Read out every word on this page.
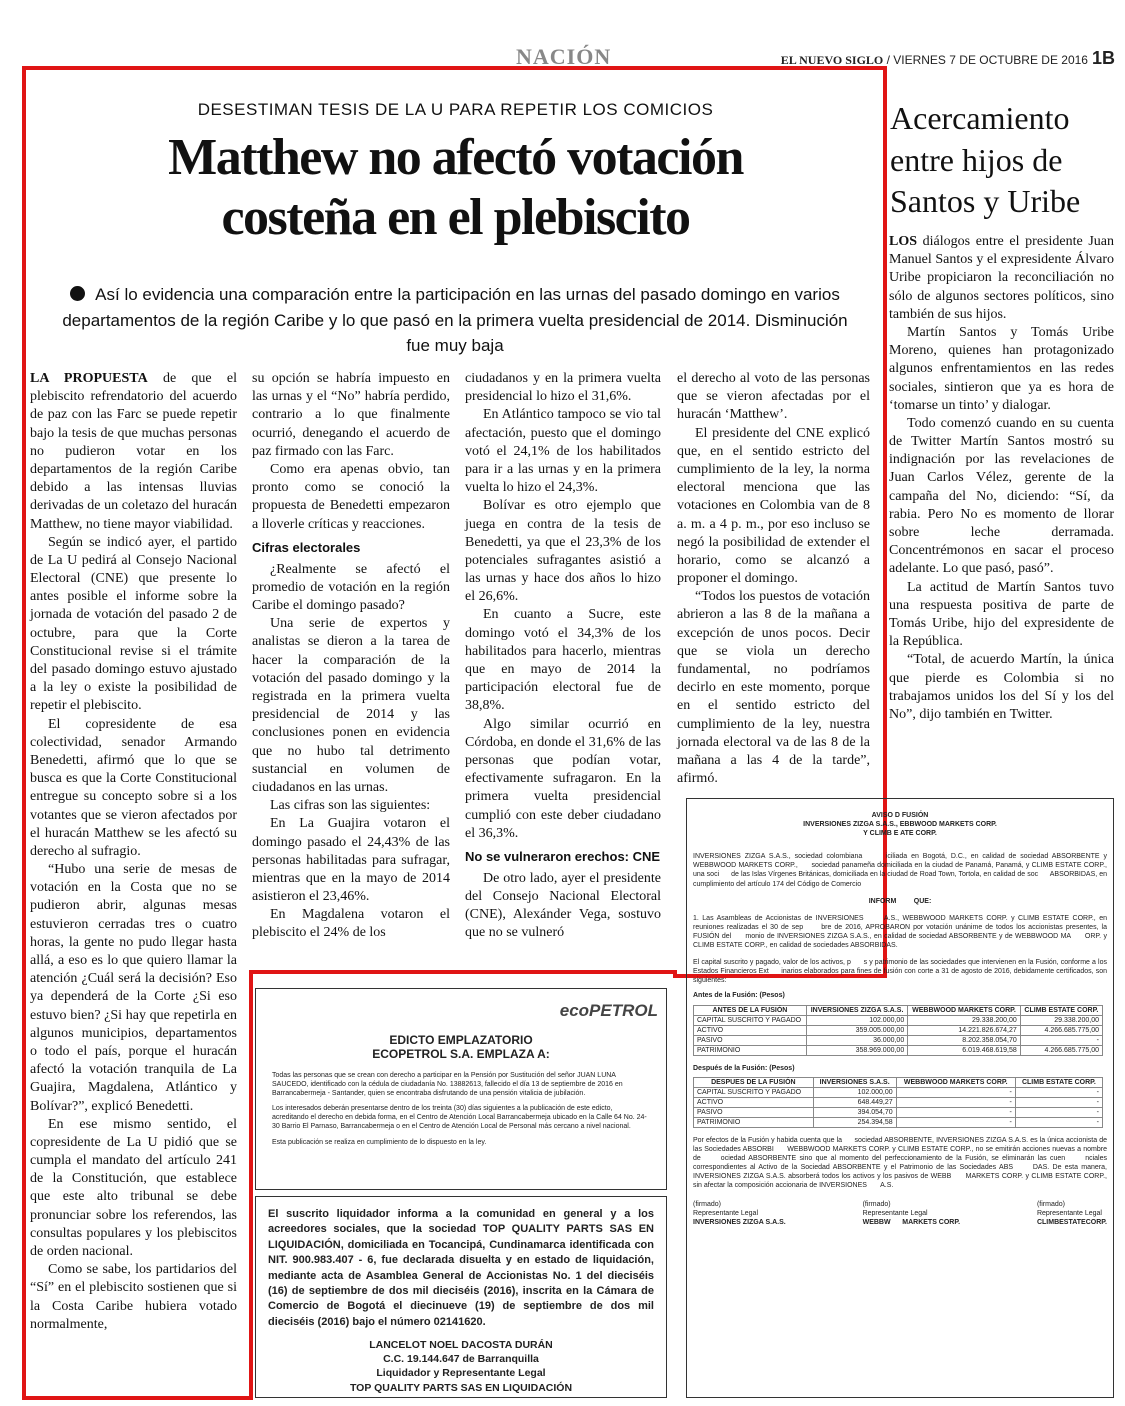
NACIÓN	EL NUEVO SIGLO / VIERNES 7 DE OCTUBRE DE 2016 1B
DESESTIMAN TESIS DE LA U PARA REPETIR LOS COMICIOS
Matthew no afectó votación
costeña en el plebiscito
Así lo evidencia una comparación entre la participación en las urnas del pasado domingo en varios departamentos de la región Caribe y lo que pasó en la primera vuelta presidencial de 2014. Disminución fue muy baja

LA PROPUESTA de que el plebiscito refrendatorio del acuerdo de paz con las Farc se puede repetir bajo la tesis de que muchas personas no pudieron votar en los departamentos de la región Caribe debido a las intensas lluvias derivadas de un coletazo del huracán Matthew, no tiene mayor viabilidad.

Según se indicó ayer, el partido de La U pedirá al Consejo Nacional Electoral (CNE) que presente lo antes posible el informe sobre la jornada de votación del pasado 2 de octubre, para que la Corte Constitucional revise si el trámite del pasado domingo estuvo ajustado a la ley o existe la posibilidad de repetir el plebiscito.

El copresidente de esa colectividad, senador Armando Benedetti, afirmó que lo que se busca es que la Corte Constitucional entregue su concepto sobre si a los votantes que se vieron afectados por el huracán Matthew se les afectó su derecho al sufragio.

“Hubo una serie de mesas de votación en la Costa que no se pudieron abrir, algunas mesas estuvieron cerradas tres o cuatro horas, la gente no pudo llegar hasta allá, a eso es lo que quiero llamar la atención ¿Cuál será la decisión? Eso ya dependerá de la Corte ¿Si eso estuvo bien? ¿Si hay que repetirla en algunos municipios, departamentos o todo el país, porque el huracán afectó la votación tranquila de La Guajira, Magdalena, Atlántico y Bolívar?”, explicó Benedetti.

En ese mismo sentido, el copresidente de La U pidió que se cumpla el mandato del artículo 241 de la Constitución, que establece que este alto tribunal se debe pronunciar sobre los referendos, las consultas populares y los plebiscitos de orden nacional.

Como se sabe, los partidarios del “Sí” en el plebiscito sostienen que si la Costa Caribe hubiera votado normalmente,

su opción se habría impuesto en las urnas y el “No” habría perdido, contrario a lo que finalmente ocurrió, denegando el acuerdo de paz firmado con las Farc.

Como era apenas obvio, tan pronto como se conoció la propuesta de Benedetti empezaron a lloverle críticas y reacciones.

Cifras electorales

¿Realmente se afectó el promedio de votación en la región Caribe el domingo pasado?

Una serie de expertos y analistas se dieron a la tarea de hacer la comparación de la votación del pasado domingo y la registrada en la primera vuelta presidencial de 2014 y las conclusiones ponen en evidencia que no hubo tal detrimento sustancial en volumen de ciudadanos en las urnas.

Las cifras son las siguientes:

En La Guajira votaron el domingo pasado el 24,43% de las personas habilitadas para sufragar, mientras que en la mayo de 2014 asistieron el 23,46%.

En Magdalena votaron el plebiscito el 24% de los

ciudadanos y en la primera vuelta presidencial lo hizo el 31,6%.

En Atlántico tampoco se vio tal afectación, puesto que el domingo votó el 24,1% de los habilitados para ir a las urnas y en la primera vuelta lo hizo el 24,3%.

Bolívar es otro ejemplo que juega en contra de la tesis de Benedetti, ya que el 23,3% de los potenciales sufragantes asistió a las urnas y hace dos años lo hizo el 26,6%.

En cuanto a Sucre, este domingo votó el 34,3% de los habilitados para hacerlo, mientras que en mayo de 2014 la participación electoral fue de 38,8%.

Algo similar ocurrió en Córdoba, en donde el 31,6% de las personas que podían votar, efectivamente sufragaron. En la primera vuelta presidencial cumplió con este deber ciudadano el 36,3%.

No se vulneraron erechos: CNE

De otro lado, ayer el presidente del Consejo Nacional Electoral (CNE), Alexánder Vega, sostuvo que no se vulneró

el derecho al voto de las personas que se vieron afectadas por el huracán ‘Matthew’.

El presidente del CNE explicó que, en el sentido estricto del cumplimiento de la ley, la norma electoral menciona que las votaciones en Colombia van de 8 a. m. a 4 p. m., por eso incluso se negó la posibilidad de extender el horario, como se alcanzó a proponer el domingo.

“Todos los puestos de votación abrieron a las 8 de la mañana a excepción de unos pocos. Decir que se viola un derecho fundamental, no podríamos decirlo en este momento, porque en el sentido estricto del cumplimiento de la ley, nuestra jornada electoral va de las 8 de la mañana a las 4 de la tarde”, afirmó.

Acercamiento
entre hijos de
Santos y Uribe

LOS diálogos entre el presidente Juan Manuel Santos y el expresidente Álvaro Uribe propiciaron la reconciliación no sólo de algunos sectores políticos, sino también de sus hijos.

Martín Santos y Tomás Uribe Moreno, quienes han protagonizado algunos enfrentamientos en las redes sociales, sintieron que ya es hora de ‘tomarse un tinto’ y dialogar.

Todo comenzó cuando en su cuenta de Twitter Martín Santos mostró su indignación por las revelaciones de Juan Carlos Vélez, gerente de la campaña del No, diciendo: “Sí, da rabia. Pero No es momento de llorar sobre leche derramada. Concentrémonos en sacar el proceso adelante. Lo que pasó, pasó”.

La actitud de Martín Santos tuvo una respuesta positiva de parte de Tomás Uribe, hijo del expresidente de la República.

“Total, de acuerdo Martín, la única que pierde es Colombia si no trabajamos unidos los del Sí y los del No”, dijo también en Twitter.

ecoPETROL
EDICTO EMPLAZATORIO
ECOPETROL S.A. EMPLAZA A:
Todas las personas que se crean con derecho a participar en la Pensión por Sustitución del señor JUAN LUNA SAUCEDO, identificado con la cédula de ciudadanía No. 13882613, fallecido el día 13 de septiembre de 2016 en Barrancabermeja - Santander, quien se encontraba disfrutando de una pensión vitalicia de jubilación.
Los interesados deberán presentarse dentro de los treinta (30) días siguientes a la publicación de este edicto, acreditando el derecho en debida forma, en el Centro de Atención Local Barrancabermeja ubicado en la Calle 64 No. 24-30 Barrio El Parnaso, Barrancabermeja o en el Centro de Atención Local de Personal más cercano a nivel nacional.
Esta publicación se realiza en cumplimiento de lo dispuesto en la ley.
El suscrito liquidador informa a la comunidad en general y a los acreedores sociales, que la sociedad TOP QUALITY PARTS SAS EN LIQUIDACIÓN, domiciliada en Tocancipá, Cundinamarca identificada con NIT. 900.983.407 - 6, fue declarada disuelta y en estado de liquidación, mediante acta de Asamblea General de Accionistas No. 1 del dieciséis (16) de septiembre de dos mil dieciséis (2016), inscrita en la Cámara de Comercio de Bogotá el diecinueve (19) de septiembre de dos mil dieciséis (2016) bajo el número 02141620.
LANCELOT NOEL DACOSTA DURÁN
C.C. 19.144.647 de Barranquilla
Liquidador y Representante Legal
TOP QUALITY PARTS SAS EN LIQUIDACIÓN
AVISO D FUSIÓN
INVERSIONES ZIZGA S.A.S., EBBWOOD MARKETS CORP.
Y CLIMB E ATE CORP.
INVERSIONES ZIZGA S.A.S., sociedad colombiana      iciliada en Bogotá, D.C., en calidad de sociedad ABSORBENTE y WEBBWOOD MARKETS CORP.,      sociedad panameña domiciliada en la ciudad de Panamá, Panamá, y CLIMB ESTATE CORP., una soci      de las Islas Vírgenes Británicas, domiciliada en la ciudad de Road Town, Tortola, en calidad de soc      ABSORBIDAS, en cumplimiento del artículo 174 del Código de Comercio
INFORM         QUE:
1. Las Asambleas de Accionistas de INVERSIONES      A.S., WEBBWOOD MARKETS CORP. y CLIMB ESTATE CORP., en reuniones realizadas el 30 de sep      bre de 2016, APROBARON por votación unánime de todos los accionistas presentes, la FUSIÓN del      monio de INVERSIONES ZIZGA S.A.S., en calidad de sociedad ABSORBENTE y de WEBBWOOD MA      ORP. y CLIMB ESTATE CORP., en calidad de sociedades ABSORBIDAS.
El capital suscrito y pagado, valor de los activos, p      s y patrimonio de las sociedades que intervienen en la Fusión, conforme a los Estados Financieros Ext      inarios elaborados para fines de fusión con corte a 31 de agosto de 2016, debidamente certificados, son      siguientes:
Antes de la Fusión: (Pesos)
ANTES DE LA FUSIÓN	INVERSIONES ZIZGA S.A.S.	WEBBWOOD MARKETS CORP.	CLIMB ESTATE CORP.
CAPITAL SUSCRITO Y PAGADO	102.000,00	29.338.200,00	29.338.200,00
ACTIVO	359.005.000,00	14.221.826.674,27	4.266.685.775,00
PASIVO	36.000,00	8.202.358.054,70	-
PATRIMONIO	358.969.000,00	6.019.468.619,58	4.266.685.775,00
Después de la Fusión: (Pesos)
DESPUES DE LA FUSIÓN	INVERSIONES S.A.S.	WEBBWOOD MARKETS CORP.	CLIMB ESTATE CORP.
CAPITAL SUSCRITO Y PAGADO	102.000,00	-	-
ACTIVO	648.449,27	-	-
PASIVO	394.054,70	-	-
PATRIMONIO	254.394,58	-	-
Por efectos de la Fusión y habida cuenta que la      sociedad ABSORBENTE, INVERSIONES ZIZGA S.A.S. es la única accionista de las Sociedades ABSORBI      WEBBWOOD MARKETS CORP. y CLIMB ESTATE CORP., no se emitirán acciones nuevas a nombre de      ociedad ABSORBENTE sino que al momento del perfeccionamiento de la Fusión, se eliminarán las cuen      nciales correspondientes al Activo de la Sociedad ABSORBENTE y el Patrimonio de las Sociedades ABS      DAS. De esta manera, INVERSIONES ZIZGA S.A.S. absorberá todos los activos y los pasivos de WEBB      MARKETS CORP. y CLIMB ESTATE CORP., sin afectar la composición accionaria de INVERSIONES       A.S.
(firmado)
Representante Legal
INVERSIONES ZIZGA S.A.S.
(firmado)
Representante Legal
WEBBW      MARKETS CORP.
(firmado)
Representante Legal
CLIMBESTATECORP.
